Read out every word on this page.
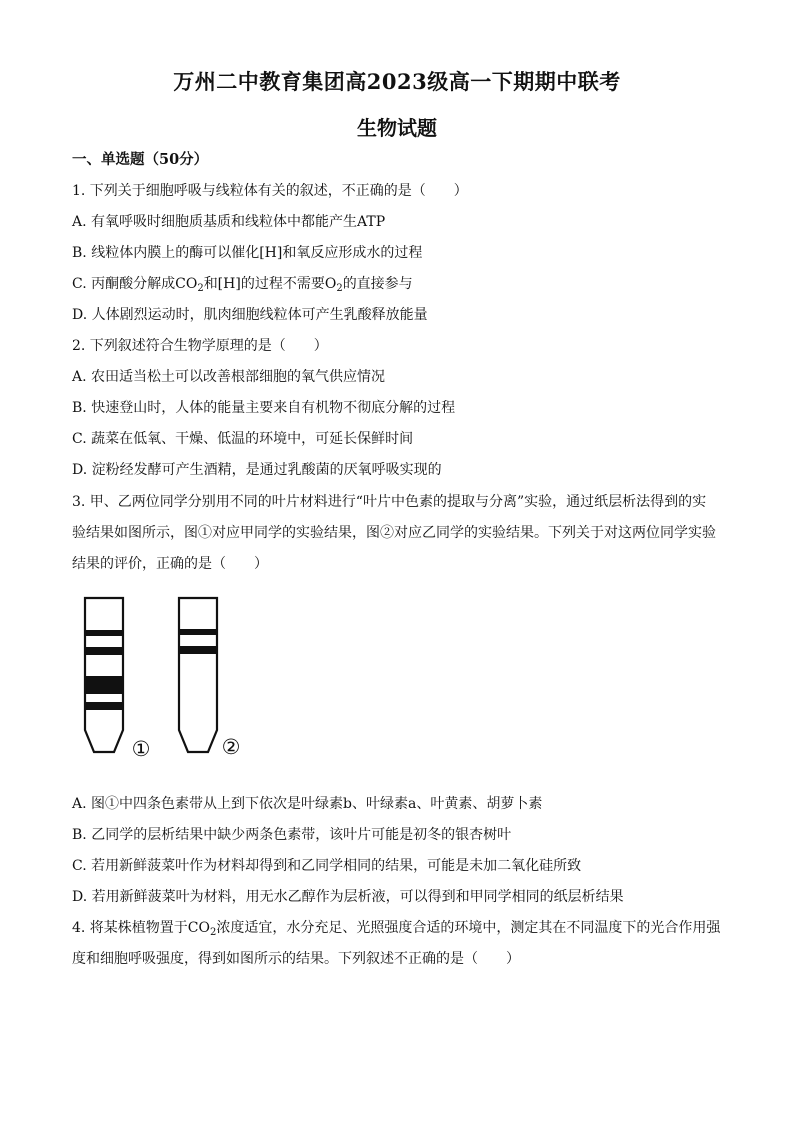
万州二中教育集团高2023级高一下期期中联考
生物试题
一、单选题（50分）
1. 下列关于细胞呼吸与线粒体有关的叙述，不正确的是（　　）
A. 有氧呼吸时细胞质基质和线粒体中都能产生ATP
B. 线粒体内膜上的酶可以催化[H]和氧反应形成水的过程
C. 丙酮酸分解成$CO_2$和[H]的过程不需要$O_2$的直接参与
D. 人体剧烈运动时，肌肉细胞线粒体可产生乳酸释放能量
2. 下列叙述符合生物学原理的是（　　）
A. 农田适当松土可以改善根部细胞的氧气供应情况
B. 快速登山时，人体的能量主要来自有机物不彻底分解的过程
C. 蔬菜在低氧、干燥、低温的环境中，可延长保鲜时间
D. 淀粉经发酵可产生酒精，是通过乳酸菌的厌氧呼吸实现的
3. 甲、乙两位同学分别用不同的叶片材料进行“叶片中色素的提取与分离”实验，通过纸层析法得到的实
验结果如图所示，图①对应甲同学的实验结果，图②对应乙同学的实验结果。下列关于对这两位同学实验
结果的评价，正确的是（　　）
①	②
A. 图①中四条色素带从上到下依次是叶绿素b、叶绿素a、叶黄素、胡萝卜素
B. 乙同学的层析结果中缺少两条色素带，该叶片可能是初冬的银杏树叶
C. 若用新鲜菠菜叶作为材料却得到和乙同学相同的结果，可能是未加二氧化硅所致
D. 若用新鲜菠菜叶为材料，用无水乙醇作为层析液，可以得到和甲同学相同的纸层析结果
4. 将某株植物置于$CO_2$浓度适宜，水分充足、光照强度合适的环境中，测定其在不同温度下的光合作用强
度和细胞呼吸强度，得到如图所示的结果。下列叙述不正确的是（　　）
